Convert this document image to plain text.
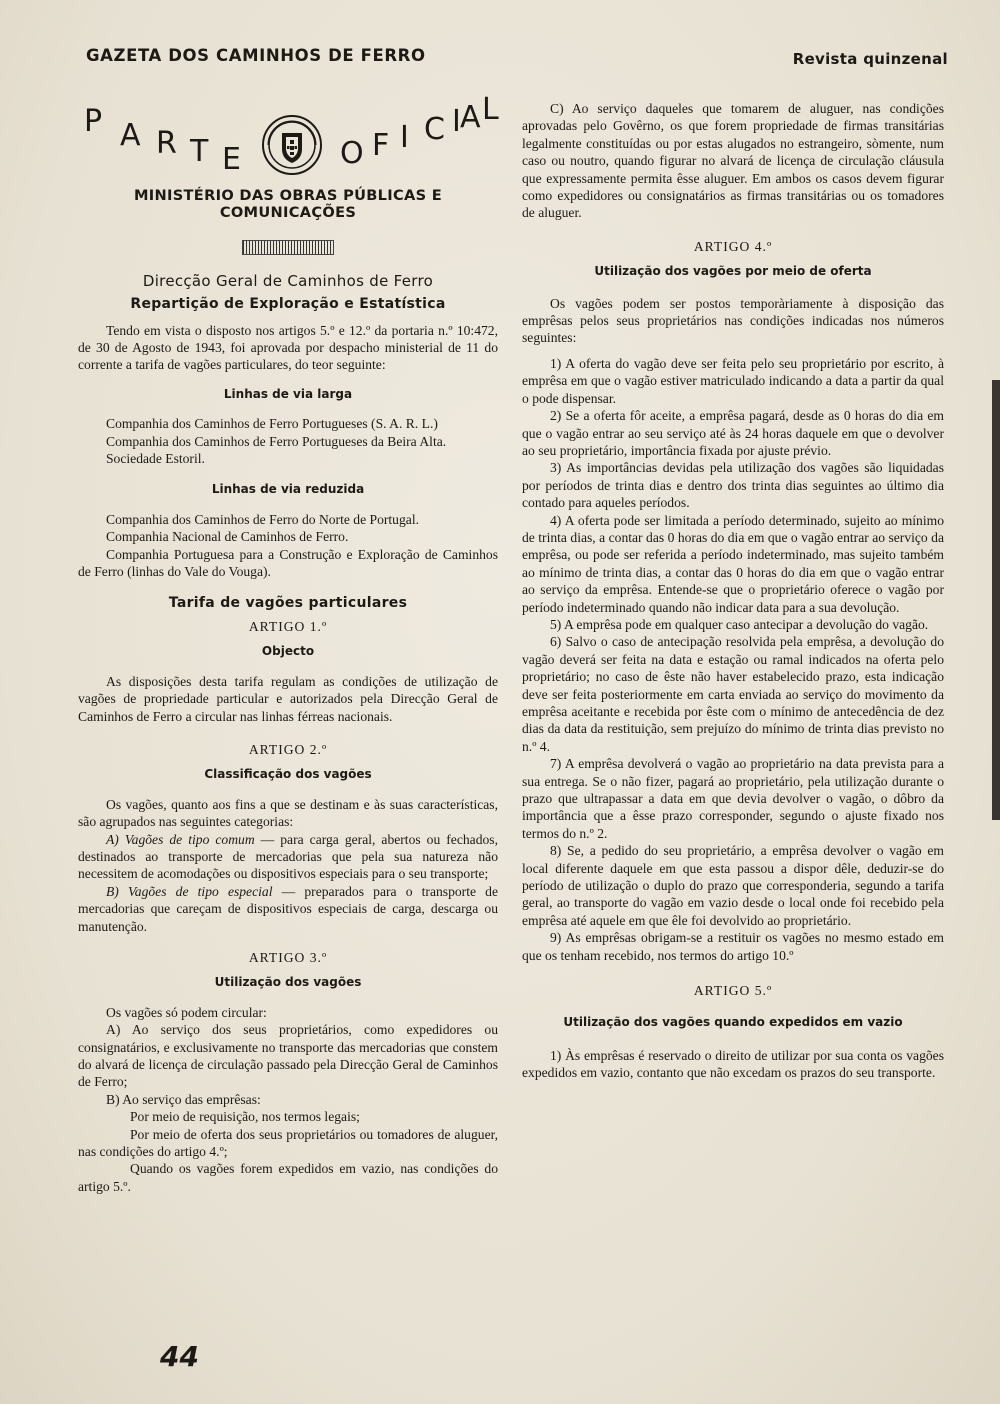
GAZETA DOS CAMINHOS DE FERRO	Revista quinzenal
P A R T E	O F I C I A L

MINISTÉRIO DAS OBRAS PÚBLICAS E COMUNICAÇÕES

Direcção Geral de Caminhos de Ferro

Repartição de Exploração e Estatística

Tendo em vista o disposto nos artigos 5.º e 12.º da portaria n.º 10:472, de 30 de Agosto de 1943, foi aprovada por despacho ministerial de 11 do corrente a tarifa de vagões particulares, do teor seguinte:

Linhas de via larga

Companhia dos Caminhos de Ferro Portugueses (S. A. R. L.)

Companhia dos Caminhos de Ferro Portugueses da Beira Alta.

Sociedade Estoril.

Linhas de via reduzida

Companhia dos Caminhos de Ferro do Norte de Portugal.

Companhia Nacional de Caminhos de Ferro.

Companhia Portuguesa para a Construção e Exploração de Caminhos de Ferro (linhas do Vale do Vouga).

Tarifa de vagões particulares

ARTIGO 1.º

Objecto

As disposições desta tarifa regulam as condições de utilização de vagões de propriedade particular e autorizados pela Direcção Geral de Caminhos de Ferro a circular nas linhas férreas nacionais.

ARTIGO 2.º

Classificação dos vagões

Os vagões, quanto aos fins a que se destinam e às suas características, são agrupados nas seguintes categorias:

A) Vagões de tipo comum — para carga geral, abertos ou fechados, destinados ao transporte de mercadorias que pela sua natureza não necessitem de acomodações ou dispositivos especiais para o seu transporte;

B) Vagões de tipo especial — preparados para o transporte de mercadorias que careçam de dispositivos especiais de carga, descarga ou manutenção.

ARTIGO 3.º

Utilização dos vagões

Os vagões só podem circular:

A) Ao serviço dos seus proprietários, como expedidores ou consignatários, e exclusivamente no transporte das mercadorias que constem do alvará de licença de circulação passado pela Direcção Geral de Caminhos de Ferro;

B) Ao serviço das emprêsas:

Por meio de requisição, nos termos legais;

Por meio de oferta dos seus proprietários ou tomadores de aluguer, nas condições do artigo 4.º;

Quando os vagões forem expedidos em vazio, nas condições do artigo 5.º.

C) Ao serviço daqueles que tomarem de aluguer, nas condições aprovadas pelo Govêrno, os que forem propriedade de firmas transitárias legalmente constituídas ou por estas alugados no estrangeiro, sòmente, num caso ou noutro, quando figurar no alvará de licença de circulação cláusula que expressamente permita êsse aluguer. Em ambos os casos devem figurar como expedidores ou consignatários as firmas transitárias ou os tomadores de aluguer.

ARTIGO 4.º

Utilização dos vagões por meio de oferta

Os vagões podem ser postos temporàriamente à disposição das emprêsas pelos seus proprietários nas condições indicadas nos números seguintes:

1) A oferta do vagão deve ser feita pelo seu proprietário por escrito, à emprêsa em que o vagão estiver matriculado indicando a data a partir da qual o pode dispensar.

2) Se a oferta fôr aceite, a emprêsa pagará, desde as 0 horas do dia em que o vagão entrar ao seu serviço até às 24 horas daquele em que o devolver ao seu proprietário, importância fixada por ajuste prévio.

3) As importâncias devidas pela utilização dos vagões são liquidadas por períodos de trinta dias e dentro dos trinta dias seguintes ao último dia contado para aqueles períodos.

4) A oferta pode ser limitada a período determinado, sujeito ao mínimo de trinta dias, a contar das 0 horas do dia em que o vagão entrar ao serviço da emprêsa, ou pode ser referida a período indeterminado, mas sujeito também ao mínimo de trinta dias, a contar das 0 horas do dia em que o vagão entrar ao serviço da emprêsa. Entende-se que o proprietário oferece o vagão por período indeterminado quando não indicar data para a sua devolução.

5) A emprêsa pode em qualquer caso antecipar a devolução do vagão.

6) Salvo o caso de antecipação resolvida pela emprêsa, a devolução do vagão deverá ser feita na data e estação ou ramal indicados na oferta pelo proprietário; no caso de êste não haver estabelecido prazo, esta indicação deve ser feita posteriormente em carta enviada ao serviço do movimento da emprêsa aceitante e recebida por êste com o mínimo de antecedência de dez dias da data da restituição, sem prejuízo do mínimo de trinta dias previsto no n.º 4.

7) A emprêsa devolverá o vagão ao proprietário na data prevista para a sua entrega. Se o não fizer, pagará ao proprietário, pela utilização durante o prazo que ultrapassar a data em que devia devolver o vagão, o dôbro da importância que a êsse prazo corresponder, segundo o ajuste fixado nos termos do n.º 2.

8) Se, a pedido do seu proprietário, a emprêsa devolver o vagão em local diferente daquele em que esta passou a dispor dêle, deduzir-se do período de utilização o duplo do prazo que corresponderia, segundo a tarifa geral, ao transporte do vagão em vazio desde o local onde foi recebido pela emprêsa até aquele em que êle foi devolvido ao proprietário.

9) As emprêsas obrigam-se a restituir os vagões no mesmo estado em que os tenham recebido, nos termos do artigo 10.º

ARTIGO 5.º

Utilização dos vagões quando expedidos em vazio

1) Às emprêsas é reservado o direito de utilizar por sua conta os vagões expedidos em vazio, contanto que não excedam os prazos do seu transporte.

44
